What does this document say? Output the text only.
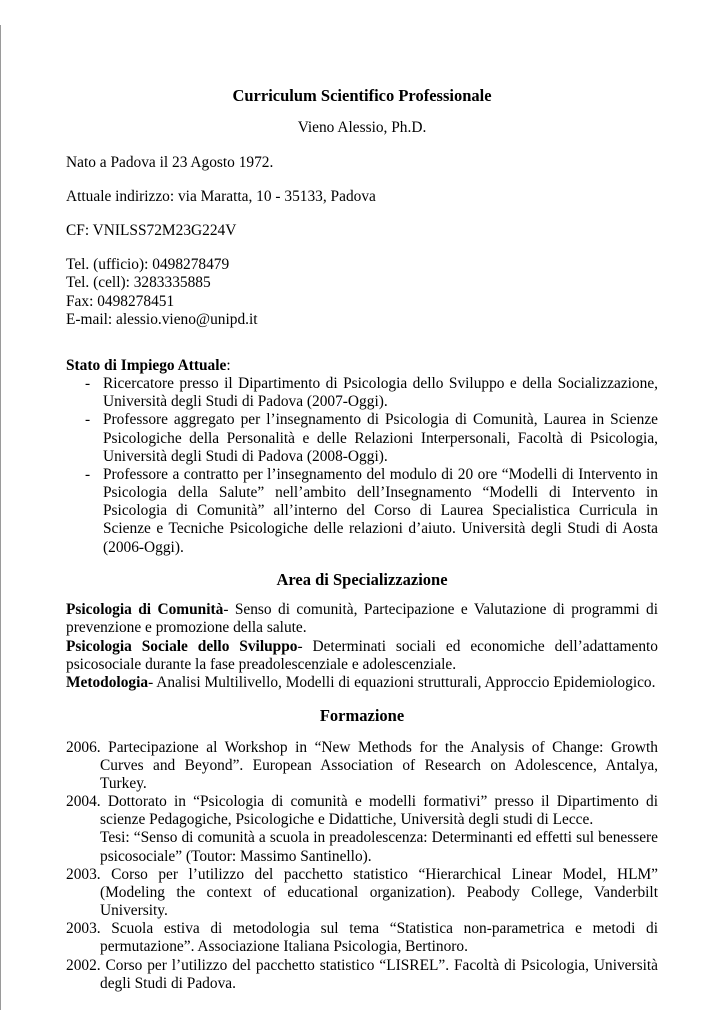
Curriculum Scientifico Professionale
Vieno Alessio, Ph.D.
Nato a Padova il 23 Agosto 1972.
Attuale indirizzo: via Maratta, 10 - 35133, Padova
CF: VNILSS72M23G224V
Tel. (ufficio): 0498278479
Tel. (cell): 3283335885
Fax: 0498278451
E-mail: alessio.vieno@unipd.it
Stato di Impiego Attuale:
- Ricercatore presso il Dipartimento di Psicologia dello Sviluppo e della Socializzazione, Università degli Studi di Padova (2007-Oggi).
- Professore aggregato per l’insegnamento di Psicologia di Comunità, Laurea in Scienze Psicologiche della Personalità e delle Relazioni Interpersonali, Facoltà di Psicologia, Università degli Studi di Padova (2008-Oggi).
- Professore a contratto per l’insegnamento del modulo di 20 ore “Modelli di Intervento in Psicologia della Salute” nell’ambito dell’Insegnamento “Modelli di Intervento in Psicologia di Comunità” all’interno del Corso di Laurea Specialistica Curricula in Scienze e Tecniche Psicologiche delle relazioni d’aiuto. Università degli Studi di Aosta (2006-Oggi).
Area di Specializzazione

Psicologia di Comunità- Senso di comunità, Partecipazione e Valutazione di programmi di prevenzione e promozione della salute.

Psicologia Sociale dello Sviluppo- Determinati sociali ed economiche dell’adattamento psicosociale durante la fase preadolescenziale e adolescenziale.

Metodologia- Analisi Multilivello, Modelli di equazioni strutturali, Approccio Epidemiologico.

Formazione
2006. Partecipazione al Workshop in “New Methods for the Analysis of Change: Growth Curves and Beyond”. European Association of Research on Adolescence, Antalya, Turkey.
2004. Dottorato in “Psicologia di comunità e modelli formativi” presso il Dipartimento di scienze Pedagogiche, Psicologiche e Didattiche, Università degli studi di Lecce.
Tesi: “Senso di comunità a scuola in preadolescenza: Determinanti ed effetti sul benessere psicosociale” (Toutor: Massimo Santinello).
2003. Corso per l’utilizzo del pacchetto statistico “Hierarchical Linear Model, HLM” (Modeling the context of educational organization). Peabody College, Vanderbilt University.
2003. Scuola estiva di metodologia sul tema “Statistica non-parametrica e metodi di permutazione”. Associazione Italiana Psicologia, Bertinoro.
2002. Corso per l’utilizzo del pacchetto statistico “LISREL”. Facoltà di Psicologia, Università degli Studi di Padova.
